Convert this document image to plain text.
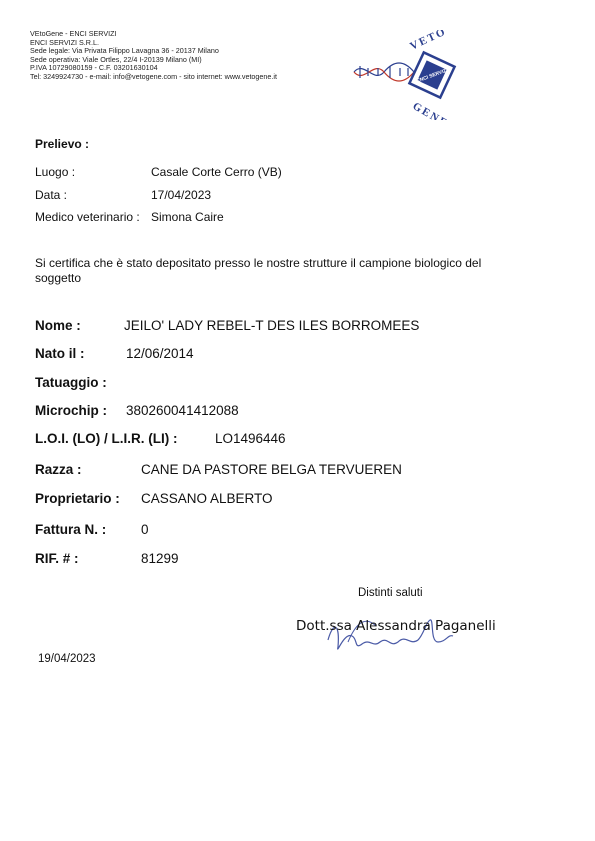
VEtoGene - ENCI SERVIZI
ENCI SERVIZI S.R.L.
Sede legale: Via Privata Filippo Lavagna 36 - 20137 Milano
Sede operativa: Viale Ortles, 22/4 I-20139 Milano (MI)
P.IVA 10729080159 - C.F. 03201630104
Tel: 3249924730 - e-mail: info@vetogene.com - sito internet: www.vetogene.it	ENCI SERVIZI
VETO
GENE
Prelievo :
Luogo :	Casale Corte Cerro (VB)
Data :	17/04/2023
Medico veterinario : Simona Caire
Si certifica che è stato depositato presso le nostre strutture il campione biologico del
soggetto
Nome :	JEILO' LADY REBEL-T DES ILES BORROMEES
Nato il :	12/06/2014
Tatuaggio :
Microchip : 380260041412088
L.O.I. (LO) / L.I.R. (LI) :	LO1496446
Razza :	CANE DA PASTORE BELGA TERVUEREN
Proprietario : CASSANO ALBERTO
Fattura N. :	0
RIF. # :	81299
Distinti saluti
Dott.ssa Alessandra Paganelli
19/04/2023
